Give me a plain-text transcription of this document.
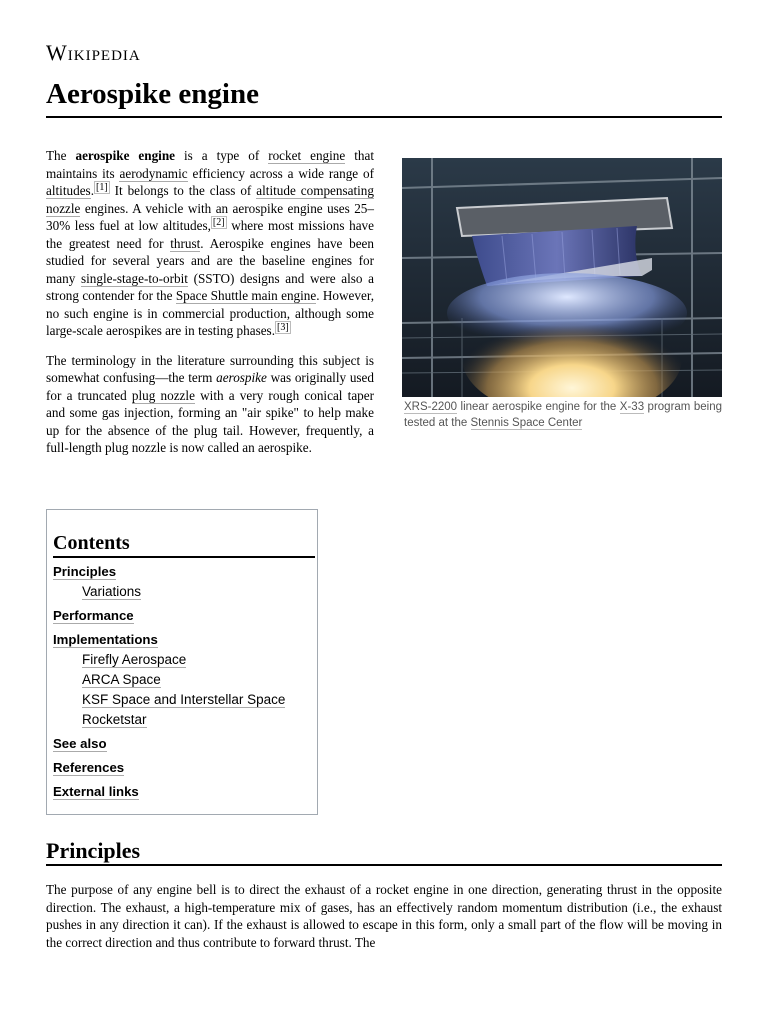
Wikipedia
Aerospike engine
XRS-2200 linear aerospike engine for the X-33 program being tested at the Stennis Space Center

The aerospike engine is a type of rocket engine that maintains its aerodynamic efficiency across a wide range of altitudes. [1] It belongs to the class of altitude compensating nozzle engines. A vehicle with an aerospike engine uses 25–30% less fuel at low altitudes, [2] where most missions have the greatest need for thrust. Aerospike engines have been studied for several years and are the baseline engines for many single-stage-to-orbit (SSTO) designs and were also a strong contender for the Space Shuttle main engine. However, no such engine is in commercial production, although some large-scale aerospikes are in testing phases. [3]

The terminology in the literature surrounding this subject is somewhat confusing—the term aerospike was originally used for a truncated plug nozzle with a very rough conical taper and some gas injection, forming an "air spike" to help make up for the absence of the plug tail. However, frequently, a full-length plug nozzle is now called an aerospike.

Contents
Principles
Variations
Performance
Implementations
Firefly Aerospace
ARCA Space
KSF Space and Interstellar Space
Rocketstar
See also
References
External links
Principles

The purpose of any engine bell is to direct the exhaust of a rocket engine in one direction, generating thrust in the opposite direction. The exhaust, a high-temperature mix of gases, has an effectively random momentum distribution (i.e., the exhaust pushes in any direction it can). If the exhaust is allowed to escape in this form, only a small part of the flow will be moving in the correct direction and thus contribute to forward thrust. The
